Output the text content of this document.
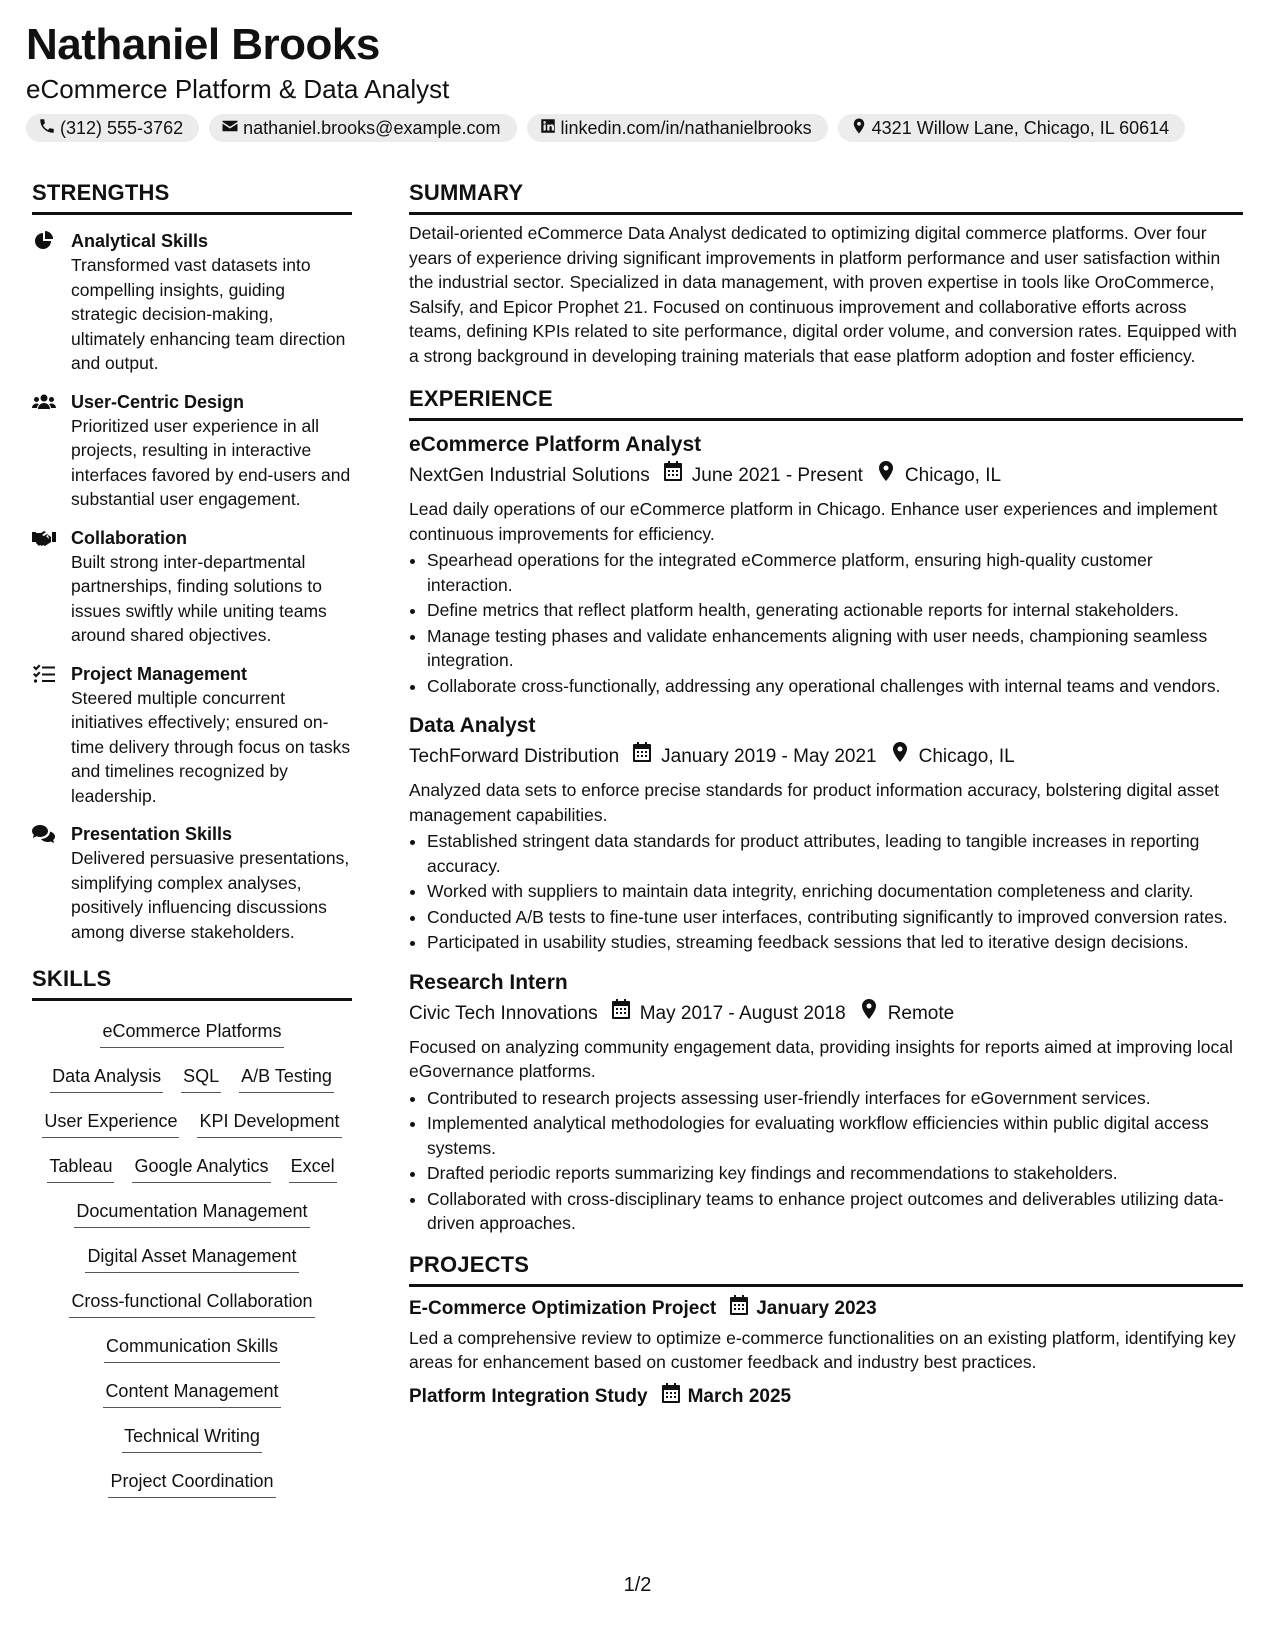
Nathaniel Brooks
eCommerce Platform & Data Analyst
(312) 555-3762	nathaniel.brooks@example.com	linkedin.com/in/nathanielbrooks	4321 Willow Lane, Chicago, IL 60614
STRENGTHS
Analytical Skills
Transformed vast datasets into compelling insights, guiding strategic decision-making, ultimately enhancing team direction and output.
User-Centric Design
Prioritized user experience in all projects, resulting in interactive interfaces favored by end-users and substantial user engagement.
Collaboration
Built strong inter-departmental partnerships, finding solutions to issues swiftly while uniting teams around shared objectives.
Project Management
Steered multiple concurrent initiatives effectively; ensured on-time delivery through focus on tasks and timelines recognized by leadership.
Presentation Skills
Delivered persuasive presentations, simplifying complex analyses, positively influencing discussions among diverse stakeholders.
SKILLS
eCommerce Platforms
Data Analysis SQL A/B Testing
User Experience KPI Development
Tableau Google Analytics Excel
Documentation Management
Digital Asset Management
Cross-functional Collaboration
Communication Skills
Content Management
Technical Writing
Project Coordination
SUMMARY
Detail-oriented eCommerce Data Analyst dedicated to optimizing digital commerce platforms. Over four years of experience driving significant improvements in platform performance and user satisfaction within the industrial sector. Specialized in data management, with proven expertise in tools like OroCommerce, Salsify, and Epicor Prophet 21. Focused on continuous improvement and collaborative efforts across teams, defining KPIs related to site performance, digital order volume, and conversion rates. Equipped with a strong background in developing training materials that ease platform adoption and foster efficiency.
EXPERIENCE
eCommerce Platform Analyst
NextGen Industrial Solutions June 2021 - Present Chicago, IL
Lead daily operations of our eCommerce platform in Chicago. Enhance user experiences and implement continuous improvements for efficiency.
• Spearhead operations for the integrated eCommerce platform, ensuring high-quality customer interaction.
• Define metrics that reflect platform health, generating actionable reports for internal stakeholders.
• Manage testing phases and validate enhancements aligning with user needs, championing seamless integration.
• Collaborate cross-functionally, addressing any operational challenges with internal teams and vendors.
Data Analyst
TechForward Distribution January 2019 - May 2021 Chicago, IL
Analyzed data sets to enforce precise standards for product information accuracy, bolstering digital asset management capabilities.
• Established stringent data standards for product attributes, leading to tangible increases in reporting accuracy.
• Worked with suppliers to maintain data integrity, enriching documentation completeness and clarity.
• Conducted A/B tests to fine-tune user interfaces, contributing significantly to improved conversion rates.
• Participated in usability studies, streaming feedback sessions that led to iterative design decisions.
Research Intern
Civic Tech Innovations May 2017 - August 2018 Remote
Focused on analyzing community engagement data, providing insights for reports aimed at improving local eGovernance platforms.
• Contributed to research projects assessing user-friendly interfaces for eGovernment services.
• Implemented analytical methodologies for evaluating workflow efficiencies within public digital access systems.
• Drafted periodic reports summarizing key findings and recommendations to stakeholders.
• Collaborated with cross-disciplinary teams to enhance project outcomes and deliverables utilizing data-driven approaches.
PROJECTS
E-Commerce Optimization Project January 2023
Led a comprehensive review to optimize e-commerce functionalities on an existing platform, identifying key areas for enhancement based on customer feedback and industry best practices.
Platform Integration Study March 2025
1/2
